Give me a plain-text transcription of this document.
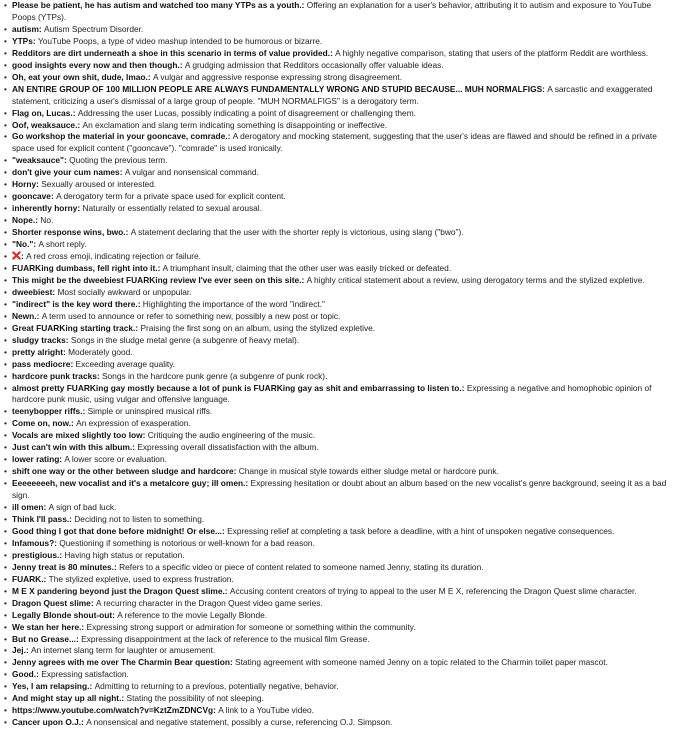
• Please be patient, he has autism and watched too many YTPs as a youth.: Offering an explanation for a user's behavior, attributing it to autism and exposure to YouTube Poops (YTPs).
• autism: Autism Spectrum Disorder.
• YTPs: YouTube Poops, a type of video mashup intended to be humorous or bizarre.
• Redditors are dirt underneath a shoe in this scenario in terms of value provided.: A highly negative comparison, stating that users of the platform Reddit are worthless.
• good insights every now and then though.: A grudging admission that Redditors occasionally offer valuable ideas.
• Oh, eat your own shit, dude, lmao.: A vulgar and aggressive response expressing strong disagreement.
• AN ENTIRE GROUP OF 100 MILLION PEOPLE ARE ALWAYS FUNDAMENTALLY WRONG AND STUPID BECAUSE... MUH NORMALFIGS: A sarcastic and exaggerated statement, criticizing a user's dismissal of a large group of people. "MUH NORMALFIGS" is a derogatory term.
• Flag on, Lucas.: Addressing the user Lucas, possibly indicating a point of disagreement or challenging them.
• Oof, weaksauce.: An exclamation and slang term indicating something is disappointing or ineffective.
• Go workshop the material in your gooncave, comrade.: A derogatory and mocking statement, suggesting that the user's ideas are flawed and should be refined in a private space used for explicit content ("gooncave"). "comrade" is used ironically.
• "weaksauce": Quoting the previous term.
• don't give your cum names: A vulgar and nonsensical command.
• Horny: Sexually aroused or interested.
• gooncave: A derogatory term for a private space used for explicit content.
• inherently horny: Naturally or essentially related to sexual arousal.
• Nope.: No.
• Shorter response wins, bwo.: A statement declaring that the user with the shorter reply is victorious, using slang ("bwo").
• "No.": A short reply.
• : A red cross emoji, indicating rejection or failure.
• FUARKing dumbass, fell right into it.: A triumphant insult, claiming that the other user was easily tricked or defeated.
• This might be the dweebiest FUARKing review I've ever seen on this site.: A highly critical statement about a review, using derogatory terms and the stylized expletive.
• dweebiest: Most socially awkward or unpopular.
• "indirect" is the key word there.: Highlighting the importance of the word "indirect."
• Newn.: A term used to announce or refer to something new, possibly a new post or topic.
• Great FUARKing starting track.: Praising the first song on an album, using the stylized expletive.
• sludgy tracks: Songs in the sludge metal genre (a subgenre of heavy metal).
• pretty alright: Moderately good.
• pass mediocre: Exceeding average quality.
• hardcore punk tracks: Songs in the hardcore punk genre (a subgenre of punk rock).
• almost pretty FUARKing gay mostly because a lot of punk is FUARKing gay as shit and embarrassing to listen to.: Expressing a negative and homophobic opinion of hardcore punk music, using vulgar and offensive language.
• teenybopper riffs.: Simple or uninspired musical riffs.
• Come on, now.: An expression of exasperation.
• Vocals are mixed slightly too low: Critiquing the audio engineering of the music.
• Just can't win with this album.: Expressing overall dissatisfaction with the album.
• lower rating: A lower score or evaluation.
• shift one way or the other between sludge and hardcore: Change in musical style towards either sludge metal or hardcore punk.
• Eeeeeeeeh, new vocalist and it's a metalcore guy; ill omen.: Expressing hesitation or doubt about an album based on the new vocalist's genre background, seeing it as a bad sign.
• ill omen: A sign of bad luck.
• Think I'll pass.: Deciding not to listen to something.
• Good thing I got that done before midnight! Or else...: Expressing relief at completing a task before a deadline, with a hint of unspoken negative consequences.
• Infamous?: Questioning if something is notorious or well-known for a bad reason.
• prestigious.: Having high status or reputation.
• Jenny treat is 80 minutes.: Refers to a specific video or piece of content related to someone named Jenny, stating its duration.
• FUARK.: The stylized expletive, used to express frustration.
• M E X pandering beyond just the Dragon Quest slime.: Accusing content creators of trying to appeal to the user M E X, referencing the Dragon Quest slime character.
• Dragon Quest slime: A recurring character in the Dragon Quest video game series.
• Legally Blonde shout-out: A reference to the movie Legally Blonde.
• We stan her here.: Expressing strong support or admiration for someone or something within the community.
• But no Grease...: Expressing disappointment at the lack of reference to the musical film Grease.
• Jej.: An internet slang term for laughter or amusement.
• Jenny agrees with me over The Charmin Bear question: Stating agreement with someone named Jenny on a topic related to the Charmin toilet paper mascot.
• Good.: Expressing satisfaction.
• Yes, I am relapsing.: Admitting to returning to a previous, potentially negative, behavior.
• And might stay up all night.: Stating the possibility of not sleeping.
• https://www.youtube.com/watch?v=KztZmZDNCVg: A link to a YouTube video.
• Cancer upon O.J.: A nonsensical and negative statement, possibly a curse, referencing O.J. Simpson.
